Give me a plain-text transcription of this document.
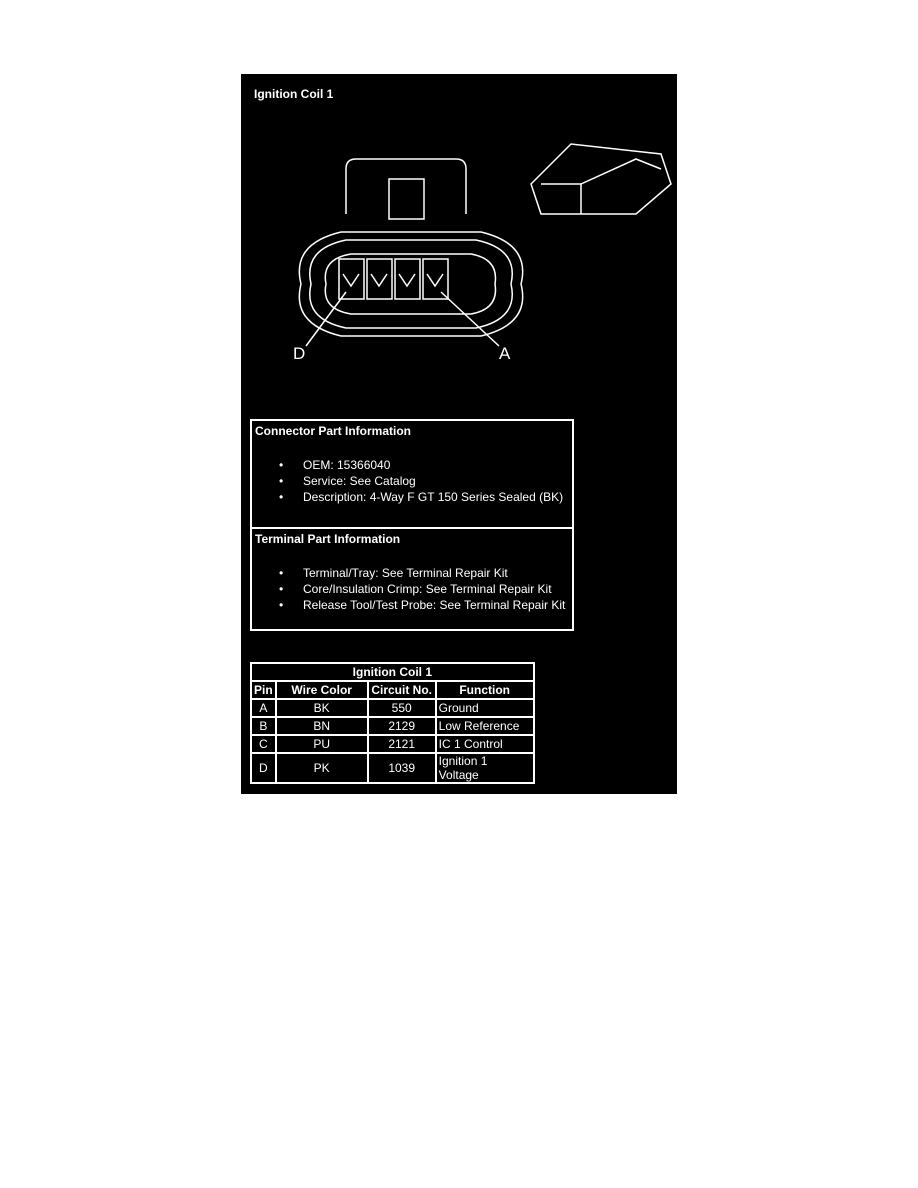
D	A
Ignition Coil 1
Connector Part Information
• OEM: 15366040
• Service: See Catalog
• Description: 4-Way F GT 150 Series Sealed (BK)
Terminal Part Information
• Terminal/Tray: See Terminal Repair Kit
• Core/Insulation Crimp: See Terminal Repair Kit
• Release Tool/Test Probe: See Terminal Repair Kit
Ignition Coil 1			
Pin	Wire Color	Circuit No.	Function
A	BK	550	Ground
B	BN	2129	Low Reference
C	PU	2121	IC 1 Control
D	PK	1039	Ignition 1 Voltage
